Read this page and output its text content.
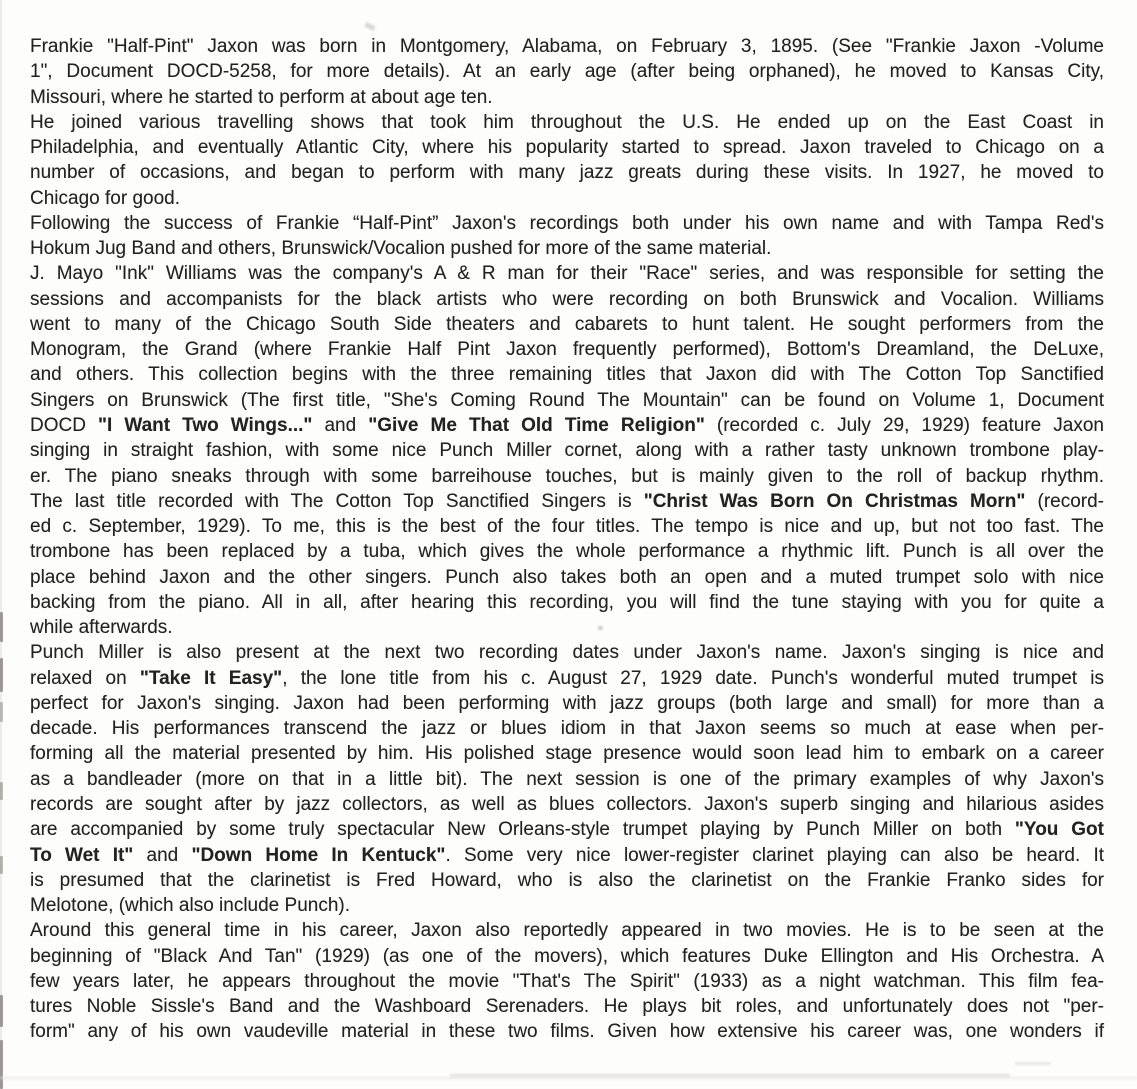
Frankie "Half-Pint" Jaxon was born in Montgomery, Alabama, on February 3, 1895. (See "Frankie Jaxon -Volume
1", Document DOCD-5258, for more details). At an early age (after being orphaned), he moved to Kansas City,
Missouri, where he started to perform at about age ten.
He joined various travelling shows that took him throughout the U.S. He ended up on the East Coast in
Philadelphia, and eventually Atlantic City, where his popularity started to spread. Jaxon traveled to Chicago on a
number of occasions, and began to perform with many jazz greats during these visits. In 1927, he moved to
Chicago for good.
Following the success of Frankie “Half-Pint” Jaxon's recordings both under his own name and with Tampa Red's
Hokum Jug Band and others, Brunswick/Vocalion pushed for more of the same material.
J. Mayo "Ink" Williams was the company's A & R man for their "Race" series, and was responsible for setting the
sessions and accompanists for the black artists who were recording on both Brunswick and Vocalion. Williams
went to many of the Chicago South Side theaters and cabarets to hunt talent. He sought performers from the
Monogram, the Grand (where Frankie Half Pint Jaxon frequently performed), Bottom's Dreamland, the DeLuxe,
and others. This collection begins with the three remaining titles that Jaxon did with The Cotton Top Sanctified
Singers on Brunswick (The first title, "She's Coming Round The Mountain" can be found on Volume 1, Document
DOCD "I Want Two Wings..." and "Give Me That Old Time Religion" (recorded c. July 29, 1929) feature Jaxon
singing in straight fashion, with some nice Punch Miller cornet, along with a rather tasty unknown trombone play-
er. The piano sneaks through with some barreihouse touches, but is mainly given to the roll of backup rhythm.
The last title recorded with The Cotton Top Sanctified Singers is "Christ Was Born On Christmas Morn" (record-
ed c. September, 1929). To me, this is the best of the four titles. The tempo is nice and up, but not too fast. The
trombone has been replaced by a tuba, which gives the whole performance a rhythmic lift. Punch is all over the
place behind Jaxon and the other singers. Punch also takes both an open and a muted trumpet solo with nice
backing from the piano. All in all, after hearing this recording, you will find the tune staying with you for quite a
while afterwards.
Punch Miller is also present at the next two recording dates under Jaxon's name. Jaxon's singing is nice and
relaxed on "Take It Easy", the lone title from his c. August 27, 1929 date. Punch's wonderful muted trumpet is
perfect for Jaxon's singing. Jaxon had been performing with jazz groups (both large and small) for more than a
decade. His performances transcend the jazz or blues idiom in that Jaxon seems so much at ease when per-
forming all the material presented by him. His polished stage presence would soon lead him to embark on a career
as a bandleader (more on that in a little bit). The next session is one of the primary examples of why Jaxon's
records are sought after by jazz collectors, as well as blues collectors. Jaxon's superb singing and hilarious asides
are accompanied by some truly spectacular New Orleans-style trumpet playing by Punch Miller on both "You Got
To Wet It" and "Down Home In Kentuck". Some very nice lower-register clarinet playing can also be heard. It
is presumed that the clarinetist is Fred Howard, who is also the clarinetist on the Frankie Franko sides for
Melotone, (which also include Punch).
Around this general time in his career, Jaxon also reportedly appeared in two movies. He is to be seen at the
beginning of "Black And Tan" (1929) (as one of the movers), which features Duke Ellington and His Orchestra. A
few years later, he appears throughout the movie "That's The Spirit" (1933) as a night watchman. This film fea-
tures Noble Sissle's Band and the Washboard Serenaders. He plays bit roles, and unfortunately does not "per-
form" any of his own vaudeville material in these two films. Given how extensive his career was, one wonders if
